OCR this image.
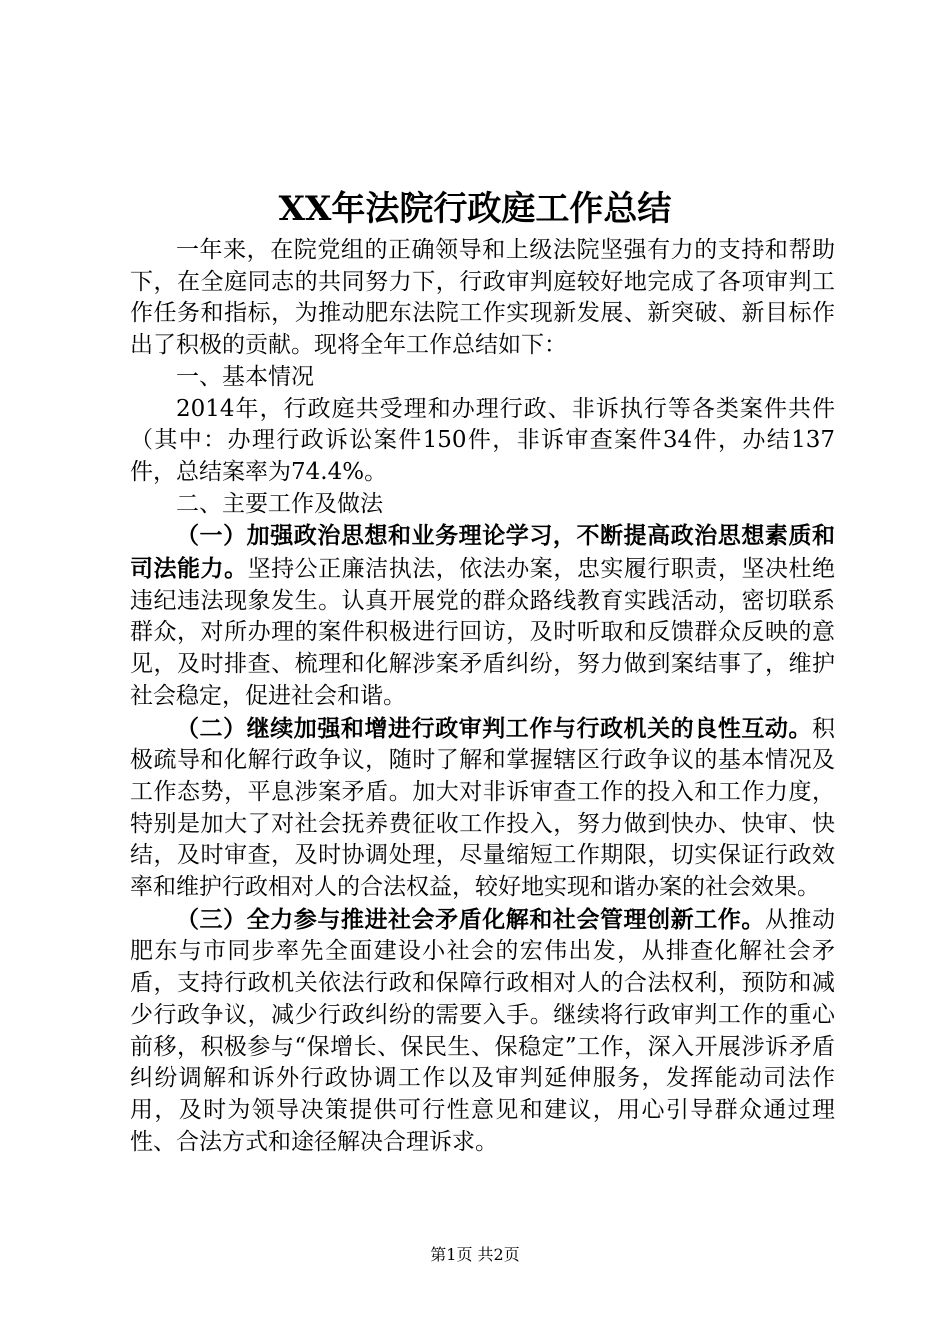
XX年法院行政庭工作总结

一年来，在院党组的正确领导和上级法院坚强有力的支持和帮助下，在全庭同志的共同努力下，行政审判庭较好地完成了各项审判工作任务和指标，为推动肥东法院工作实现新发展、新突破、新目标作出了积极的贡献。现将全年工作总结如下：

一、基本情况

2014年，行政庭共受理和办理行政、非诉执行等各类案件共件（其中：办理行政诉讼案件150件，非诉审查案件34件，办结137件，总结案率为74.4%。

二、主要工作及做法

（一）加强政治思想和业务理论学习，不断提高政治思想素质和司法能力。坚持公正廉洁执法，依法办案，忠实履行职责，坚决杜绝违纪违法现象发生。认真开展党的群众路线教育实践活动，密切联系群众，对所办理的案件积极进行回访，及时听取和反馈群众反映的意见，及时排查、梳理和化解涉案矛盾纠纷，努力做到案结事了，维护社会稳定，促进社会和谐。

（二）继续加强和增进行政审判工作与行政机关的良性互动。积极疏导和化解行政争议，随时了解和掌握辖区行政争议的基本情况及工作态势，平息涉案矛盾。加大对非诉审查工作的投入和工作力度，特别是加大了对社会抚养费征收工作投入，努力做到快办、快审、快结，及时审查，及时协调处理，尽量缩短工作期限，切实保证行政效率和维护行政相对人的合法权益，较好地实现和谐办案的社会效果。

（三）全力参与推进社会矛盾化解和社会管理创新工作。从推动肥东与市同步率先全面建设小社会的宏伟出发，从排查化解社会矛盾，支持行政机关依法行政和保障行政相对人的合法权利，预防和减少行政争议，减少行政纠纷的需要入手。继续将行政审判工作的重心前移，积极参与“保增长、保民生、保稳定”工作，深入开展涉诉矛盾纠纷调解和诉外行政协调工作以及审判延伸服务，发挥能动司法作用，及时为领导决策提供可行性意见和建议，用心引导群众通过理性、合法方式和途径解决合理诉求。

第1页 共2页
